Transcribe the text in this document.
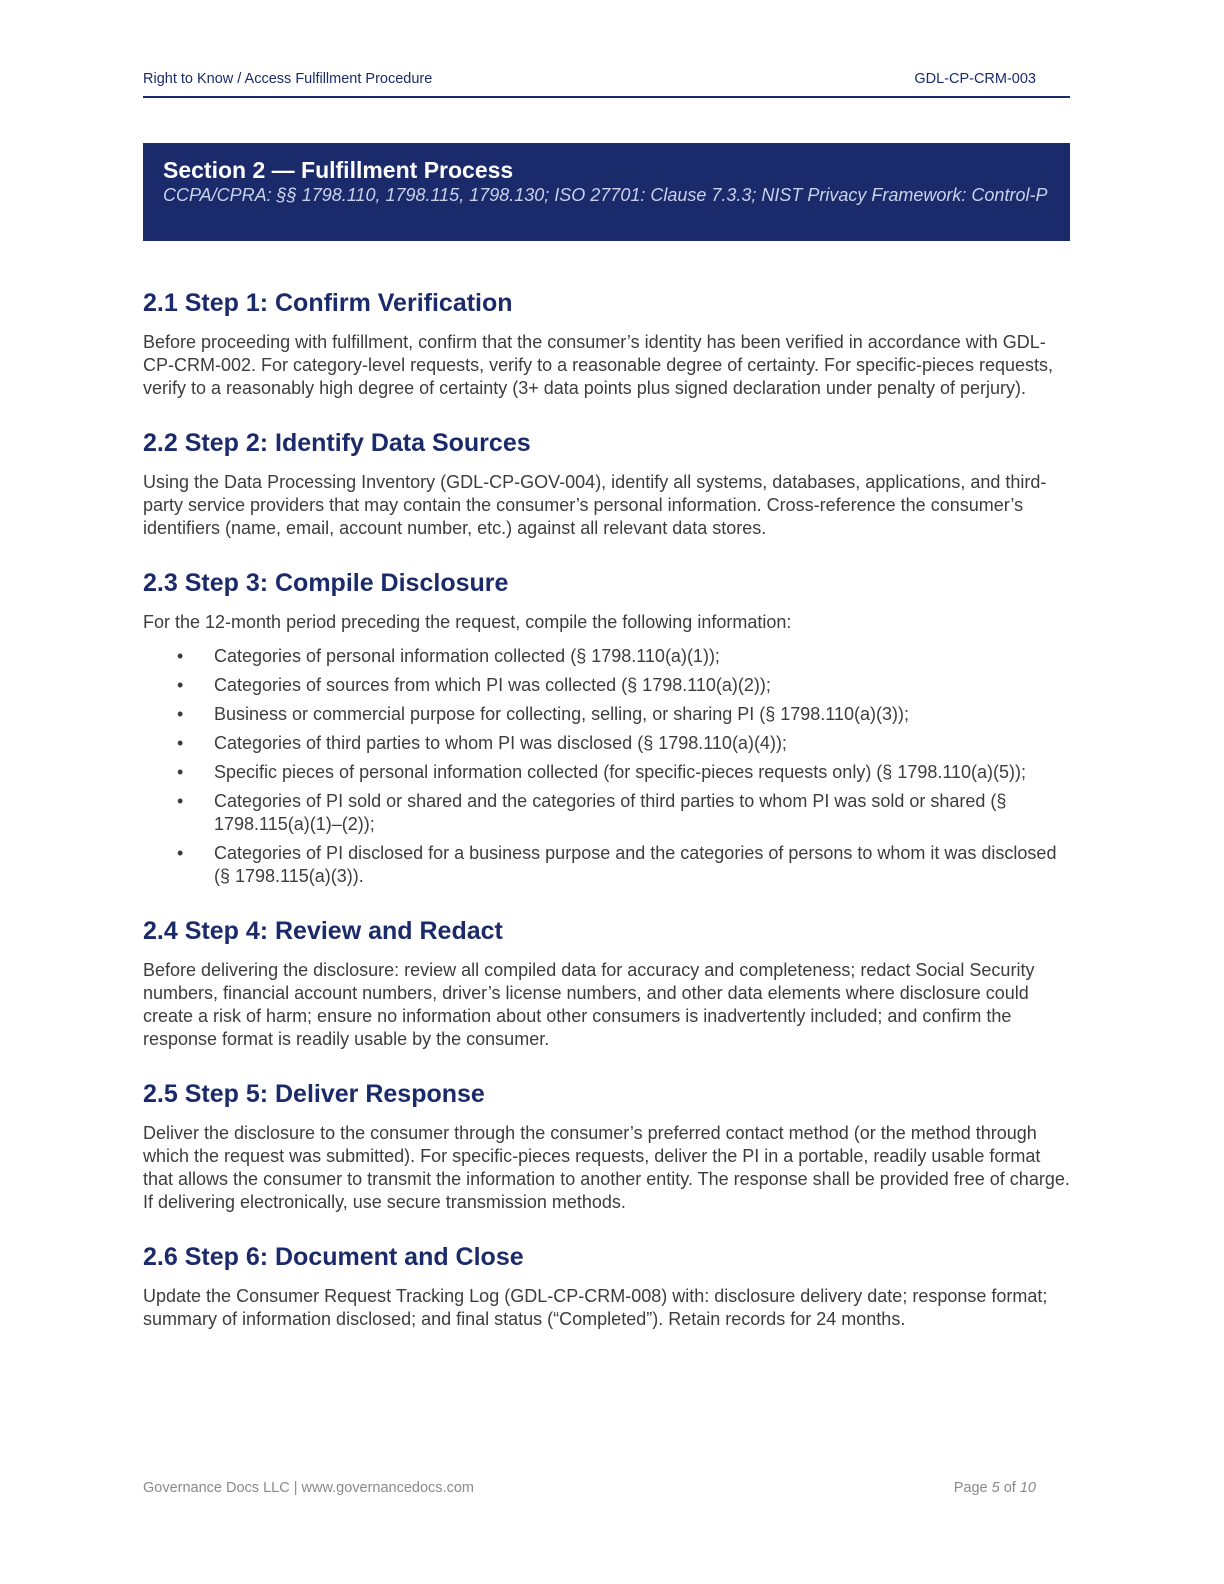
Right to Know / Access Fulfillment Procedure	GDL-CP-CRM-003
Section 2 — Fulfillment Process
CCPA/CPRA: §§ 1798.110, 1798.115, 1798.130; ISO 27701: Clause 7.3.3; NIST Privacy Framework: Control-P
2.1 Step 1: Confirm Verification

Before proceeding with fulfillment, confirm that the consumer’s identity has been verified in accordance with GDL-CP-CRM-002. For category-level requests, verify to a reasonable degree of certainty. For specific-pieces requests, verify to a reasonably high degree of certainty (3+ data points plus signed declaration under penalty of perjury).

2.2 Step 2: Identify Data Sources

Using the Data Processing Inventory (GDL-CP-GOV-004), identify all systems, databases, applications, and third-party service providers that may contain the consumer’s personal information. Cross-reference the consumer’s identifiers (name, email, account number, etc.) against all relevant data stores.

2.3 Step 3: Compile Disclosure

For the 12-month period preceding the request, compile the following information:

• Categories of personal information collected (§ 1798.110(a)(1));
• Categories of sources from which PI was collected (§ 1798.110(a)(2));
• Business or commercial purpose for collecting, selling, or sharing PI (§ 1798.110(a)(3));
• Categories of third parties to whom PI was disclosed (§ 1798.110(a)(4));
• Specific pieces of personal information collected (for specific-pieces requests only) (§ 1798.110(a)(5));
• Categories of PI sold or shared and the categories of third parties to whom PI was sold or shared (§ 1798.115(a)(1)–(2));
• Categories of PI disclosed for a business purpose and the categories of persons to whom it was disclosed (§ 1798.115(a)(3)).
2.4 Step 4: Review and Redact

Before delivering the disclosure: review all compiled data for accuracy and completeness; redact Social Security numbers, financial account numbers, driver’s license numbers, and other data elements where disclosure could create a risk of harm; ensure no information about other consumers is inadvertently included; and confirm the response format is readily usable by the consumer.

2.5 Step 5: Deliver Response

Deliver the disclosure to the consumer through the consumer’s preferred contact method (or the method through which the request was submitted). For specific-pieces requests, deliver the PI in a portable, readily usable format that allows the consumer to transmit the information to another entity. The response shall be provided free of charge. If delivering electronically, use secure transmission methods.

2.6 Step 6: Document and Close

Update the Consumer Request Tracking Log (GDL-CP-CRM-008) with: disclosure delivery date; response format; summary of information disclosed; and final status (“Completed”). Retain records for 24 months.

Governance Docs LLC | www.governancedocs.com	Page 5 of 10
